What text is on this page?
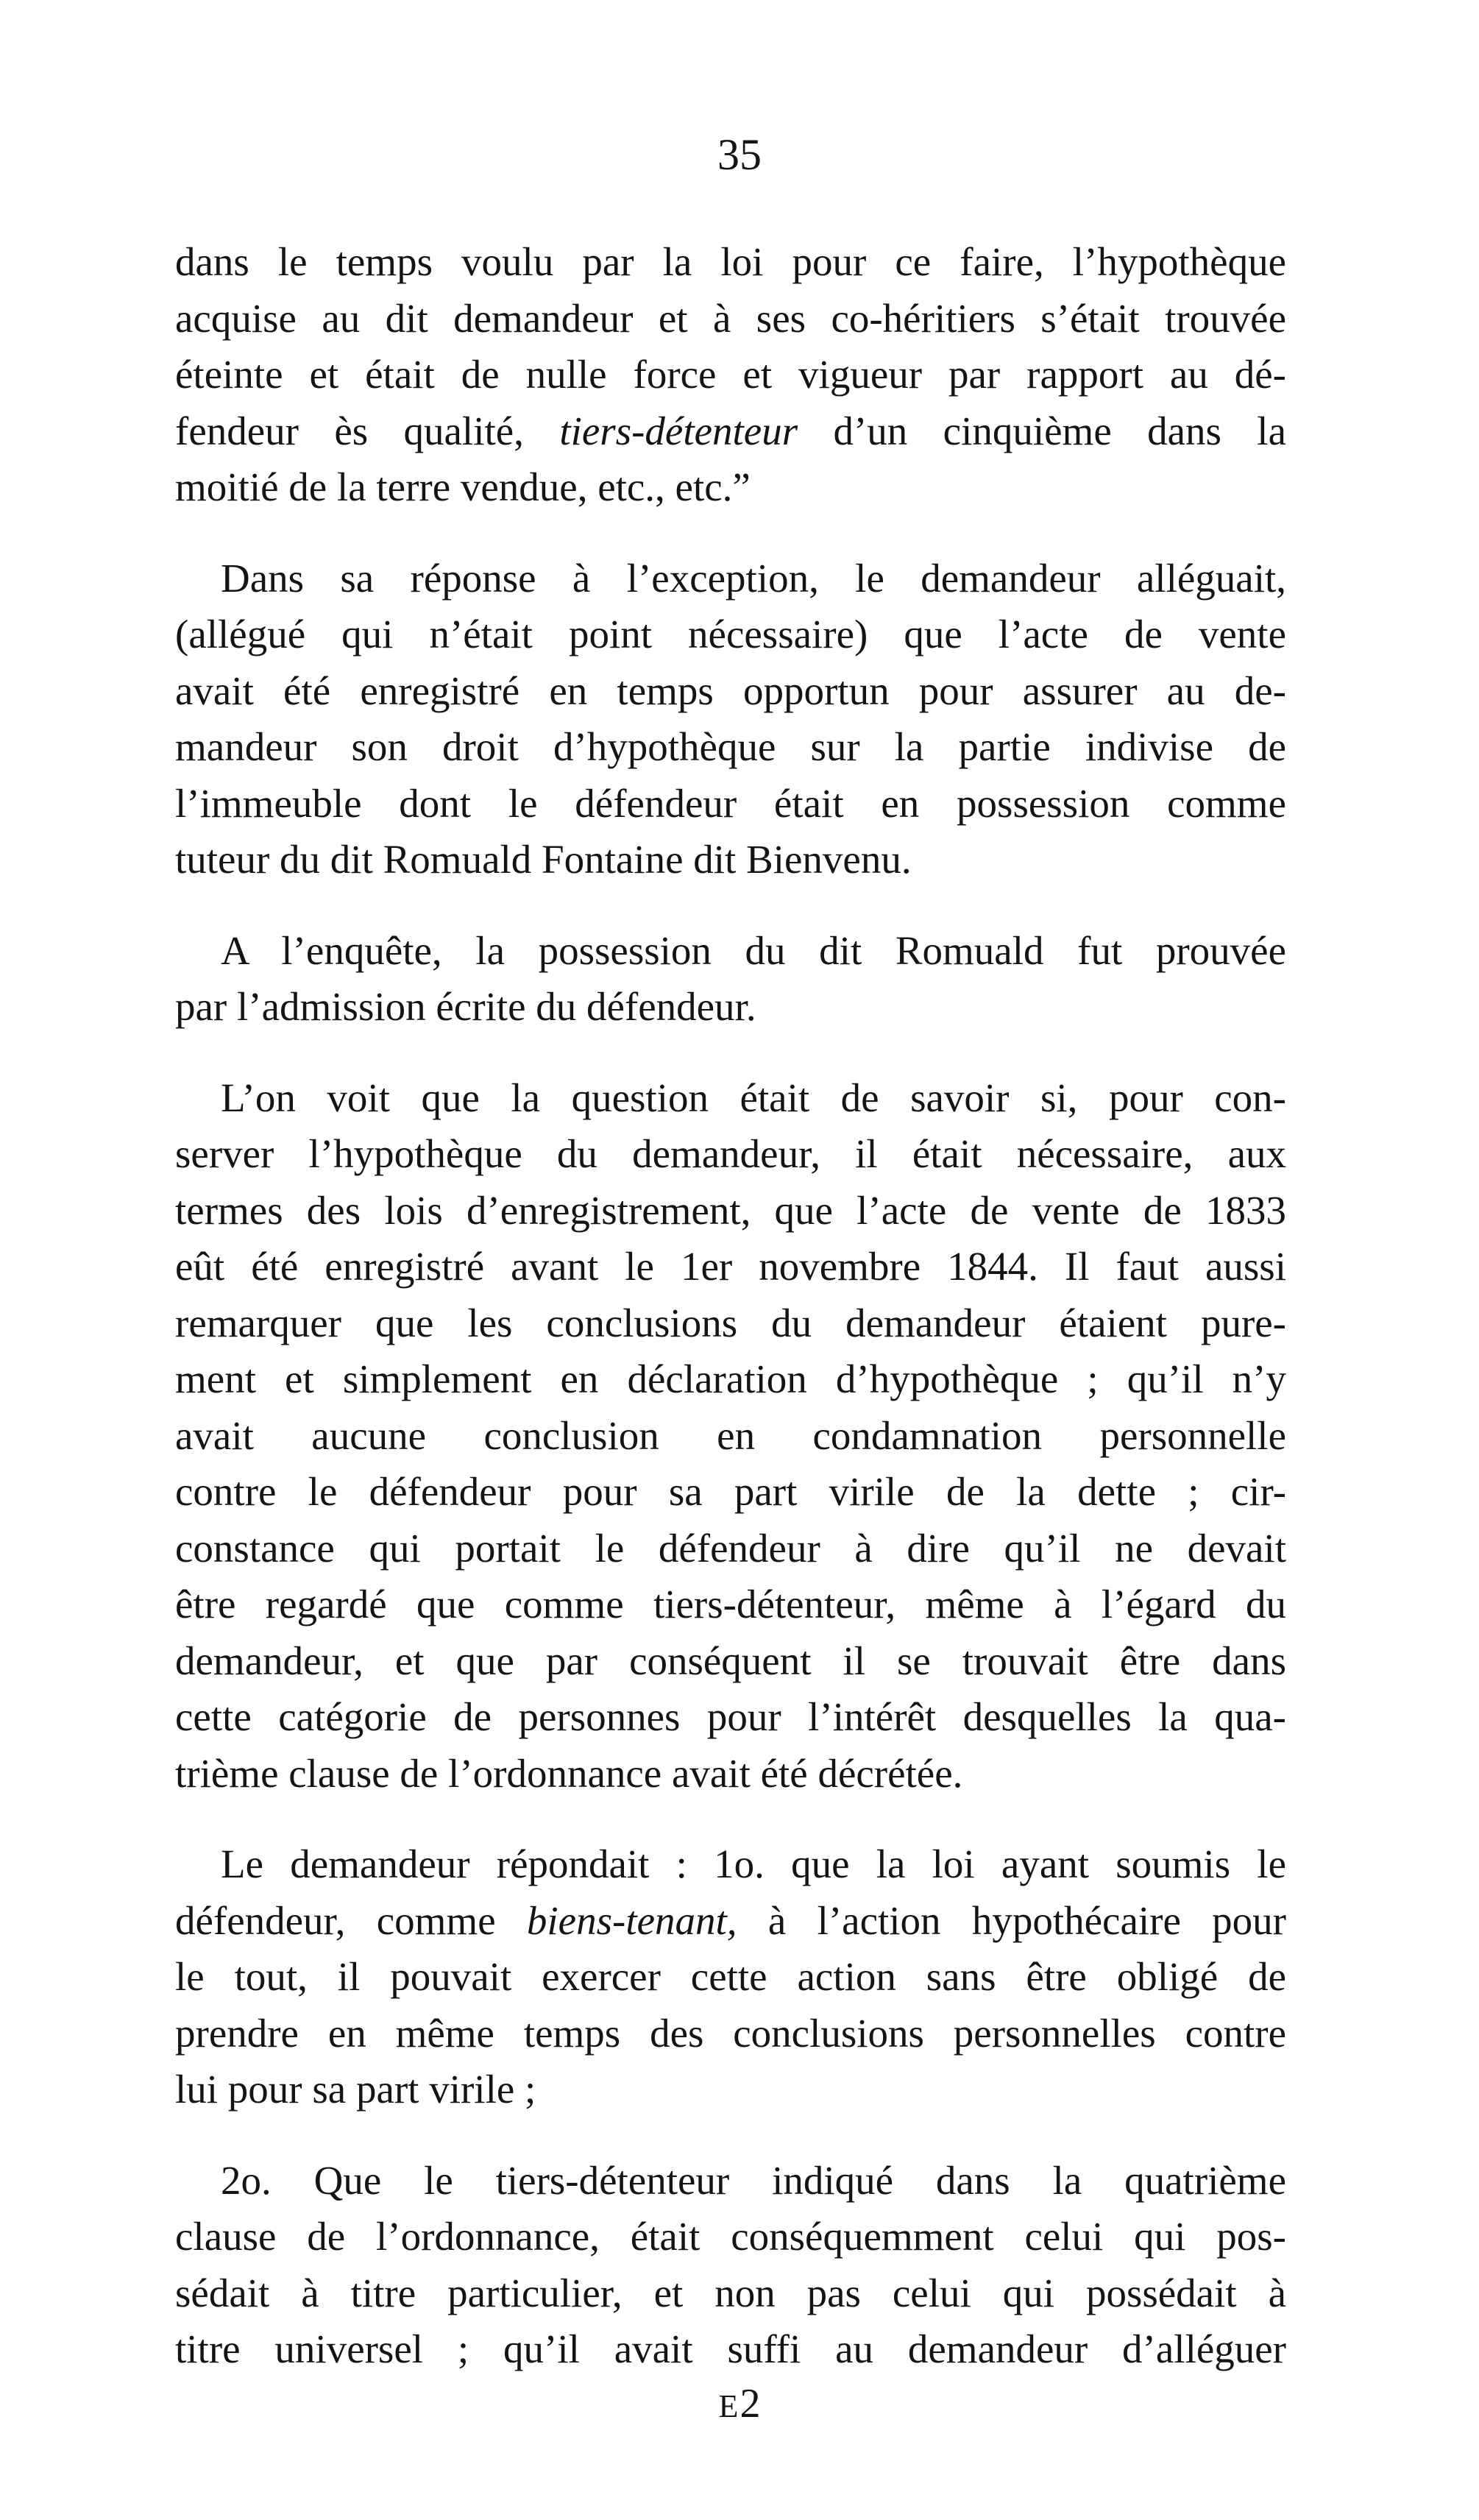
35
dans le temps voulu par la loi pour ce faire, l’hypothèque
acquise au dit demandeur et à ses co-héritiers s’était trouvée
éteinte et était de nulle force et vigueur par rapport au dé-
fendeur ès qualité, tiers-détenteur d’un cinquième dans la
moitié de la terre vendue, etc., etc.”
Dans sa réponse à l’exception, le demandeur alléguait,
(allégué qui n’était point nécessaire) que l’acte de vente
avait été enregistré en temps opportun pour assurer au de-
mandeur son droit d’hypothèque sur la partie indivise de
l’immeuble dont le défendeur était en possession comme
tuteur du dit Romuald Fontaine dit Bienvenu.
A l’enquête, la possession du dit Romuald fut prouvée
par l’admission écrite du défendeur.
L’on voit que la question était de savoir si, pour con-
server l’hypothèque du demandeur, il était nécessaire, aux
termes des lois d’enregistrement, que l’acte de vente de 1833
eût été enregistré avant le 1er novembre 1844. Il faut aussi
remarquer que les conclusions du demandeur étaient pure-
ment et simplement en déclaration d’hypothèque ; qu’il n’y
avait aucune conclusion en condamnation personnelle
contre le défendeur pour sa part virile de la dette ; cir-
constance qui portait le défendeur à dire qu’il ne devait
être regardé que comme tiers-détenteur, même à l’égard du
demandeur, et que par conséquent il se trouvait être dans
cette catégorie de personnes pour l’intérêt desquelles la qua-
trième clause de l’ordonnance avait été décrétée.
Le demandeur répondait : 1o. que la loi ayant soumis le
défendeur, comme biens-tenant, à l’action hypothécaire pour
le tout, il pouvait exercer cette action sans être obligé de
prendre en même temps des conclusions personnelles contre
lui pour sa part virile ;
2o. Que le tiers-détenteur indiqué dans la quatrième
clause de l’ordonnance, était conséquemment celui qui pos-
sédait à titre particulier, et non pas celui qui possédait à
titre universel ; qu’il avait suffi au demandeur d’alléguer
E2
